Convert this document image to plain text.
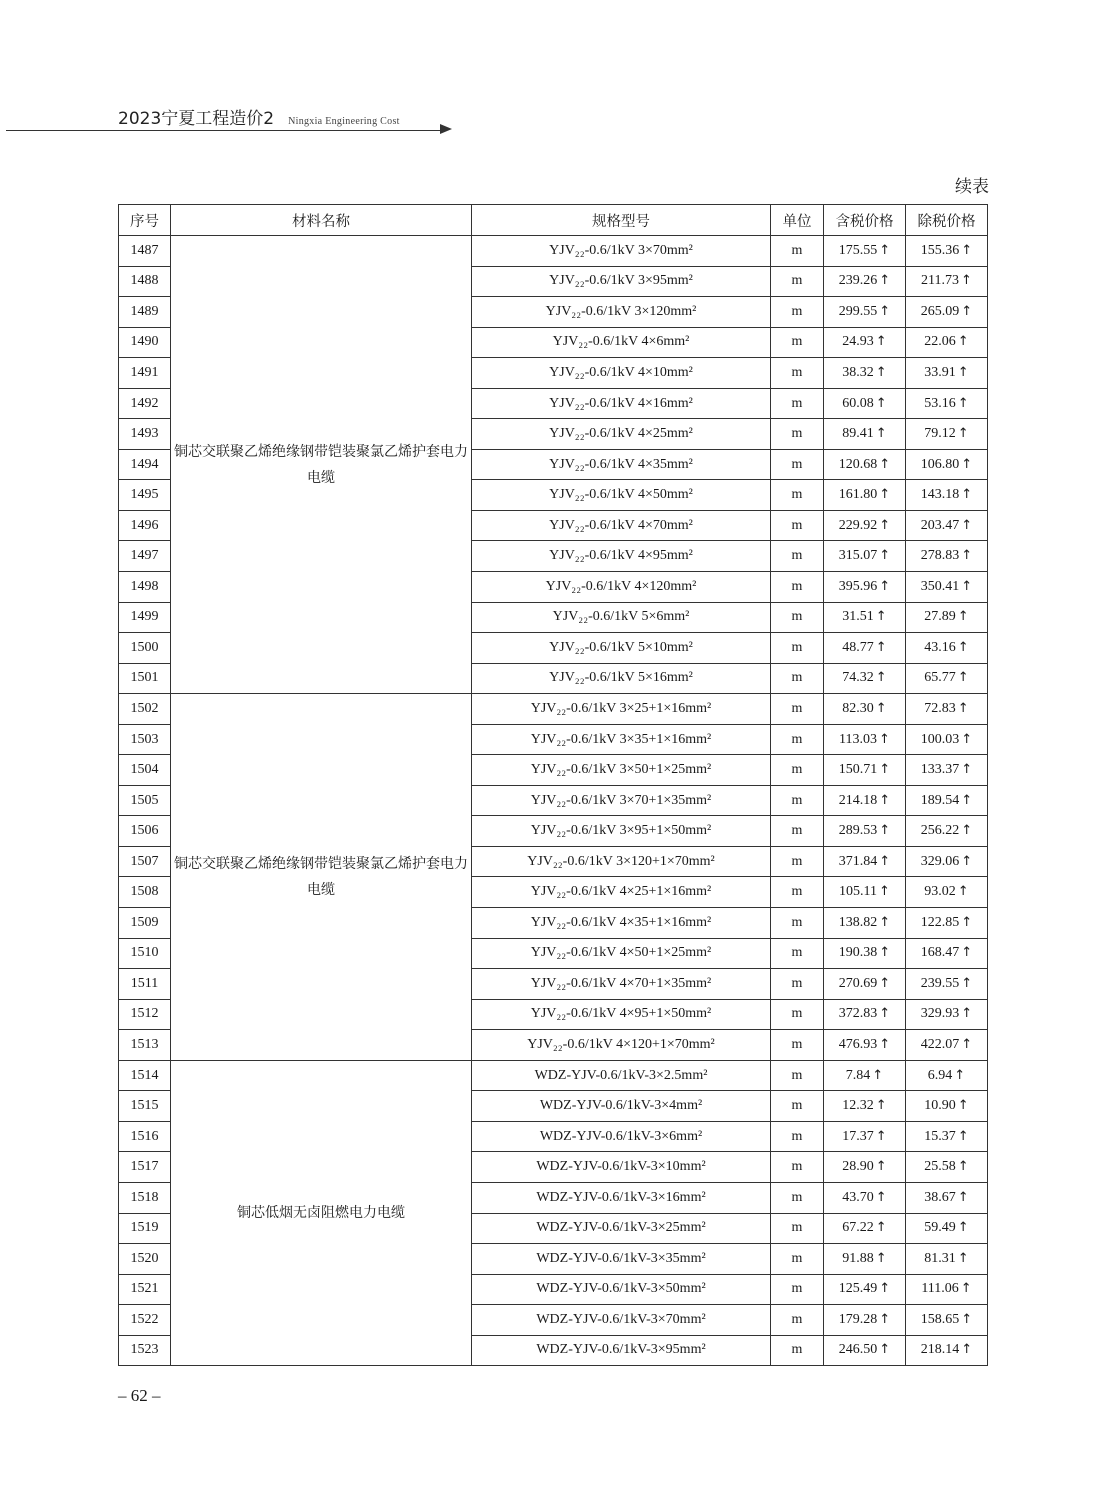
2023宁夏工程造价2 Ningxia Engineering Cost
续表
序号	材料名称	规格型号	单位	含税价格	除税价格
1487	铜芯交联聚乙烯绝缘钢带铠装聚氯乙烯护套电力电缆	YJV₂₂-0.6/1kV 3×70mm²	m	175.55 ↑	155.36 ↑
1488		YJV₂₂-0.6/1kV 3×95mm²	m	239.26 ↑	211.73 ↑
1489		YJV₂₂-0.6/1kV 3×120mm²	m	299.55 ↑	265.09 ↑
1490		YJV₂₂-0.6/1kV 4×6mm²	m	24.93 ↑	22.06 ↑
1491		YJV₂₂-0.6/1kV 4×10mm²	m	38.32 ↑	33.91 ↑
1492		YJV₂₂-0.6/1kV 4×16mm²	m	60.08 ↑	53.16 ↑
1493		YJV₂₂-0.6/1kV 4×25mm²	m	89.41 ↑	79.12 ↑
1494		YJV₂₂-0.6/1kV 4×35mm²	m	120.68 ↑	106.80 ↑
1495		YJV₂₂-0.6/1kV 4×50mm²	m	161.80 ↑	143.18 ↑
1496		YJV₂₂-0.6/1kV 4×70mm²	m	229.92 ↑	203.47 ↑
1497		YJV₂₂-0.6/1kV 4×95mm²	m	315.07 ↑	278.83 ↑
1498		YJV₂₂-0.6/1kV 4×120mm²	m	395.96 ↑	350.41 ↑
1499		YJV₂₂-0.6/1kV 5×6mm²	m	31.51 ↑	27.89 ↑
1500		YJV₂₂-0.6/1kV 5×10mm²	m	48.77 ↑	43.16 ↑
1501		YJV₂₂-0.6/1kV 5×16mm²	m	74.32 ↑	65.77 ↑
1502	铜芯交联聚乙烯绝缘钢带铠装聚氯乙烯护套电力电缆	YJV₂₂-0.6/1kV 3×25+1×16mm²	m	82.30 ↑	72.83 ↑
1503		YJV₂₂-0.6/1kV 3×35+1×16mm²	m	113.03 ↑	100.03 ↑
1504		YJV₂₂-0.6/1kV 3×50+1×25mm²	m	150.71 ↑	133.37 ↑
1505		YJV₂₂-0.6/1kV 3×70+1×35mm²	m	214.18 ↑	189.54 ↑
1506		YJV₂₂-0.6/1kV 3×95+1×50mm²	m	289.53 ↑	256.22 ↑
1507		YJV₂₂-0.6/1kV 3×120+1×70mm²	m	371.84 ↑	329.06 ↑
1508		YJV₂₂-0.6/1kV 4×25+1×16mm²	m	105.11 ↑	93.02 ↑
1509		YJV₂₂-0.6/1kV 4×35+1×16mm²	m	138.82 ↑	122.85 ↑
1510		YJV₂₂-0.6/1kV 4×50+1×25mm²	m	190.38 ↑	168.47 ↑
1511		YJV₂₂-0.6/1kV 4×70+1×35mm²	m	270.69 ↑	239.55 ↑
1512		YJV₂₂-0.6/1kV 4×95+1×50mm²	m	372.83 ↑	329.93 ↑
1513		YJV₂₂-0.6/1kV 4×120+1×70mm²	m	476.93 ↑	422.07 ↑
1514	铜芯低烟无卤阻燃电力电缆	WDZ-YJV-0.6/1kV-3×2.5mm²	m	7.84 ↑	6.94 ↑
1515		WDZ-YJV-0.6/1kV-3×4mm²	m	12.32 ↑	10.90 ↑
1516		WDZ-YJV-0.6/1kV-3×6mm²	m	17.37 ↑	15.37 ↑
1517		WDZ-YJV-0.6/1kV-3×10mm²	m	28.90 ↑	25.58 ↑
1518		WDZ-YJV-0.6/1kV-3×16mm²	m	43.70 ↑	38.67 ↑
1519		WDZ-YJV-0.6/1kV-3×25mm²	m	67.22 ↑	59.49 ↑
1520		WDZ-YJV-0.6/1kV-3×35mm²	m	91.88 ↑	81.31 ↑
1521		WDZ-YJV-0.6/1kV-3×50mm²	m	125.49 ↑	111.06 ↑
1522		WDZ-YJV-0.6/1kV-3×70mm²	m	179.28 ↑	158.65 ↑
1523		WDZ-YJV-0.6/1kV-3×95mm²	m	246.50 ↑	218.14 ↑
– 62 –
